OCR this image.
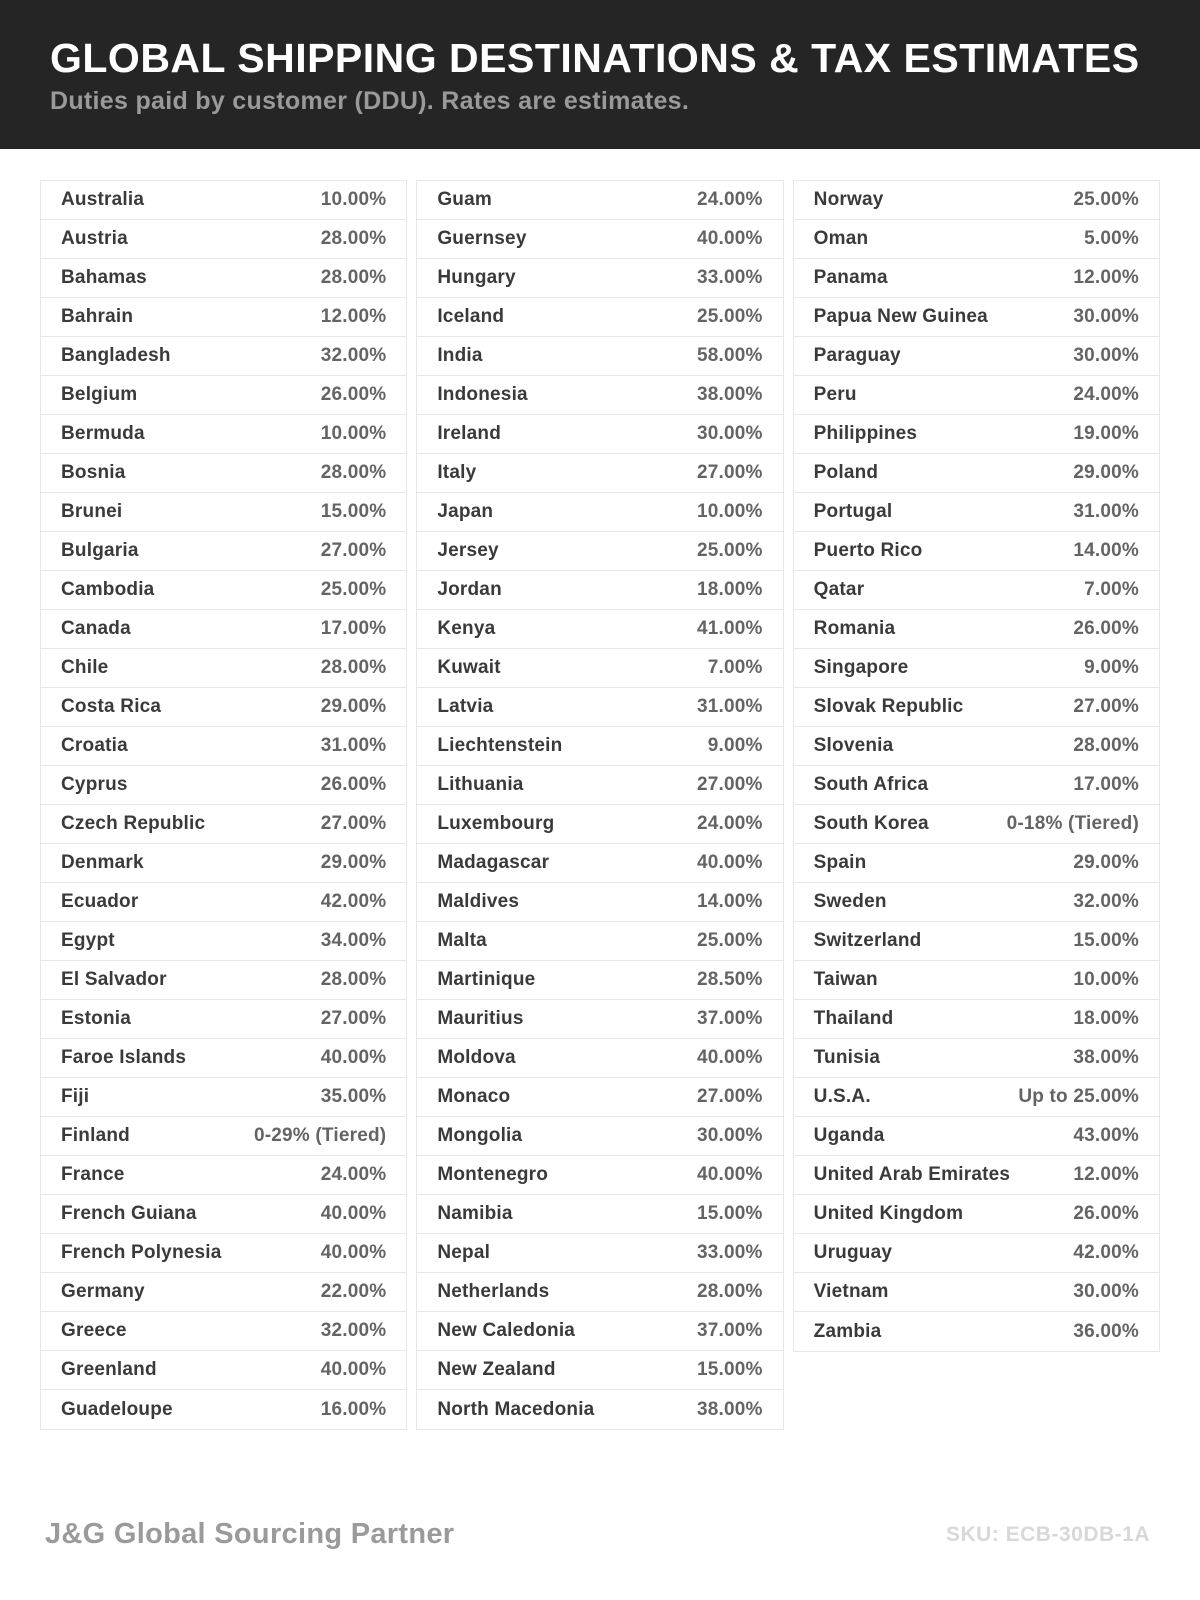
GLOBAL SHIPPING DESTINATIONS & TAX ESTIMATES

Duties paid by customer (DDU). Rates are estimates.

Australia	10.00%
Austria	28.00%
Bahamas	28.00%
Bahrain	12.00%
Bangladesh	32.00%
Belgium	26.00%
Bermuda	10.00%
Bosnia	28.00%
Brunei	15.00%
Bulgaria	27.00%
Cambodia	25.00%
Canada	17.00%
Chile	28.00%
Costa Rica	29.00%
Croatia	31.00%
Cyprus	26.00%
Czech Republic	27.00%
Denmark	29.00%
Ecuador	42.00%
Egypt	34.00%
El Salvador	28.00%
Estonia	27.00%
Faroe Islands	40.00%
Fiji	35.00%
Finland	0-29% (Tiered)
France	24.00%
French Guiana	40.00%
French Polynesia	40.00%
Germany	22.00%
Greece	32.00%
Greenland	40.00%
Guadeloupe	16.00%
Guam	24.00%
Guernsey	40.00%
Hungary	33.00%
Iceland	25.00%
India	58.00%
Indonesia	38.00%
Ireland	30.00%
Italy	27.00%
Japan	10.00%
Jersey	25.00%
Jordan	18.00%
Kenya	41.00%
Kuwait	7.00%
Latvia	31.00%
Liechtenstein	9.00%
Lithuania	27.00%
Luxembourg	24.00%
Madagascar	40.00%
Maldives	14.00%
Malta	25.00%
Martinique	28.50%
Mauritius	37.00%
Moldova	40.00%
Monaco	27.00%
Mongolia	30.00%
Montenegro	40.00%
Namibia	15.00%
Nepal	33.00%
Netherlands	28.00%
New Caledonia	37.00%
New Zealand	15.00%
North Macedonia	38.00%
Norway	25.00%
Oman	5.00%
Panama	12.00%
Papua New Guinea	30.00%
Paraguay	30.00%
Peru	24.00%
Philippines	19.00%
Poland	29.00%
Portugal	31.00%
Puerto Rico	14.00%
Qatar	7.00%
Romania	26.00%
Singapore	9.00%
Slovak Republic	27.00%
Slovenia	28.00%
South Africa	17.00%
South Korea	0-18% (Tiered)
Spain	29.00%
Sweden	32.00%
Switzerland	15.00%
Taiwan	10.00%
Thailand	18.00%
Tunisia	38.00%
U.S.A.	Up to 25.00%
Uganda	43.00%
United Arab Emirates	12.00%
United Kingdom	26.00%
Uruguay	42.00%
Vietnam	30.00%
Zambia	36.00%
J&G Global Sourcing Partner	SKU: ECB-30DB-1A
